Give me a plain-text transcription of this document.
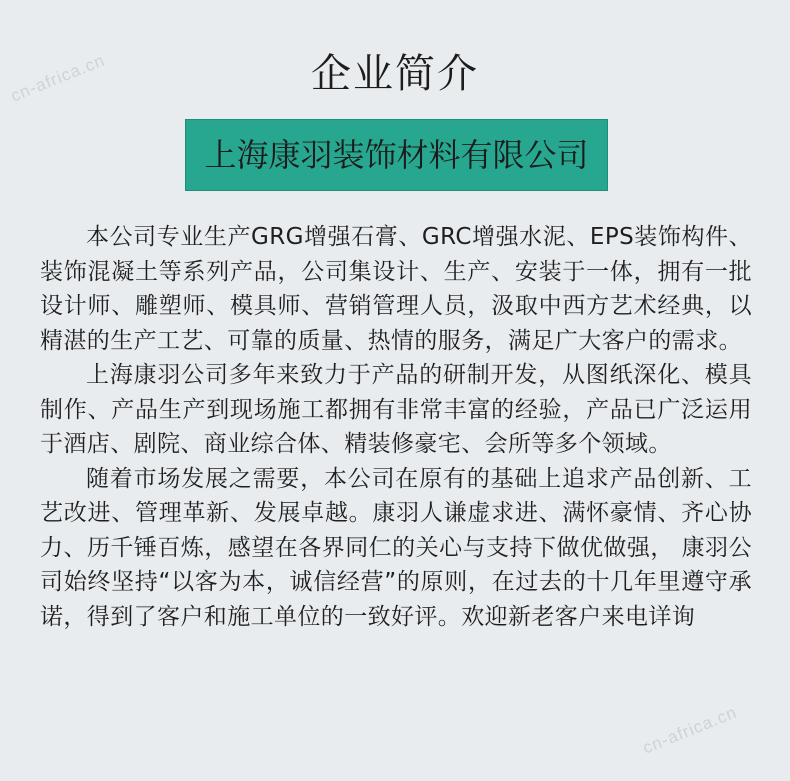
cn-africa.cn
cn-africa.cn
企业简介
上海康羽装饰材料有限公司

本公司专业生产GRG增强石膏、GRC增强水泥、EPS装饰构件、装饰混凝土等系列产品，公司集设计、生产、安装于一体，拥有一批设计师、雕塑师、模具师、营销管理人员，汲取中西方艺术经典，以精湛的生产工艺、可靠的质量、热情的服务，满足广大客户的需求。

上海康羽公司多年来致力于产品的研制开发，从图纸深化、模具制作、产品生产到现场施工都拥有非常丰富的经验，产品已广泛运用于酒店、剧院、商业综合体、精装修豪宅、会所等多个领域。

随着市场发展之需要，本公司在原有的基础上追求产品创新、工艺改进、管理革新、发展卓越。康羽人谦虚求进、满怀豪情、齐心协力、历千锤百炼，感望在各界同仁的关心与支持下做优做强， 康羽公司始终坚持“以客为本，诚信经营”的原则，在过去的十几年里遵守承诺，得到了客户和施工单位的一致好评。欢迎新老客户来电详询
